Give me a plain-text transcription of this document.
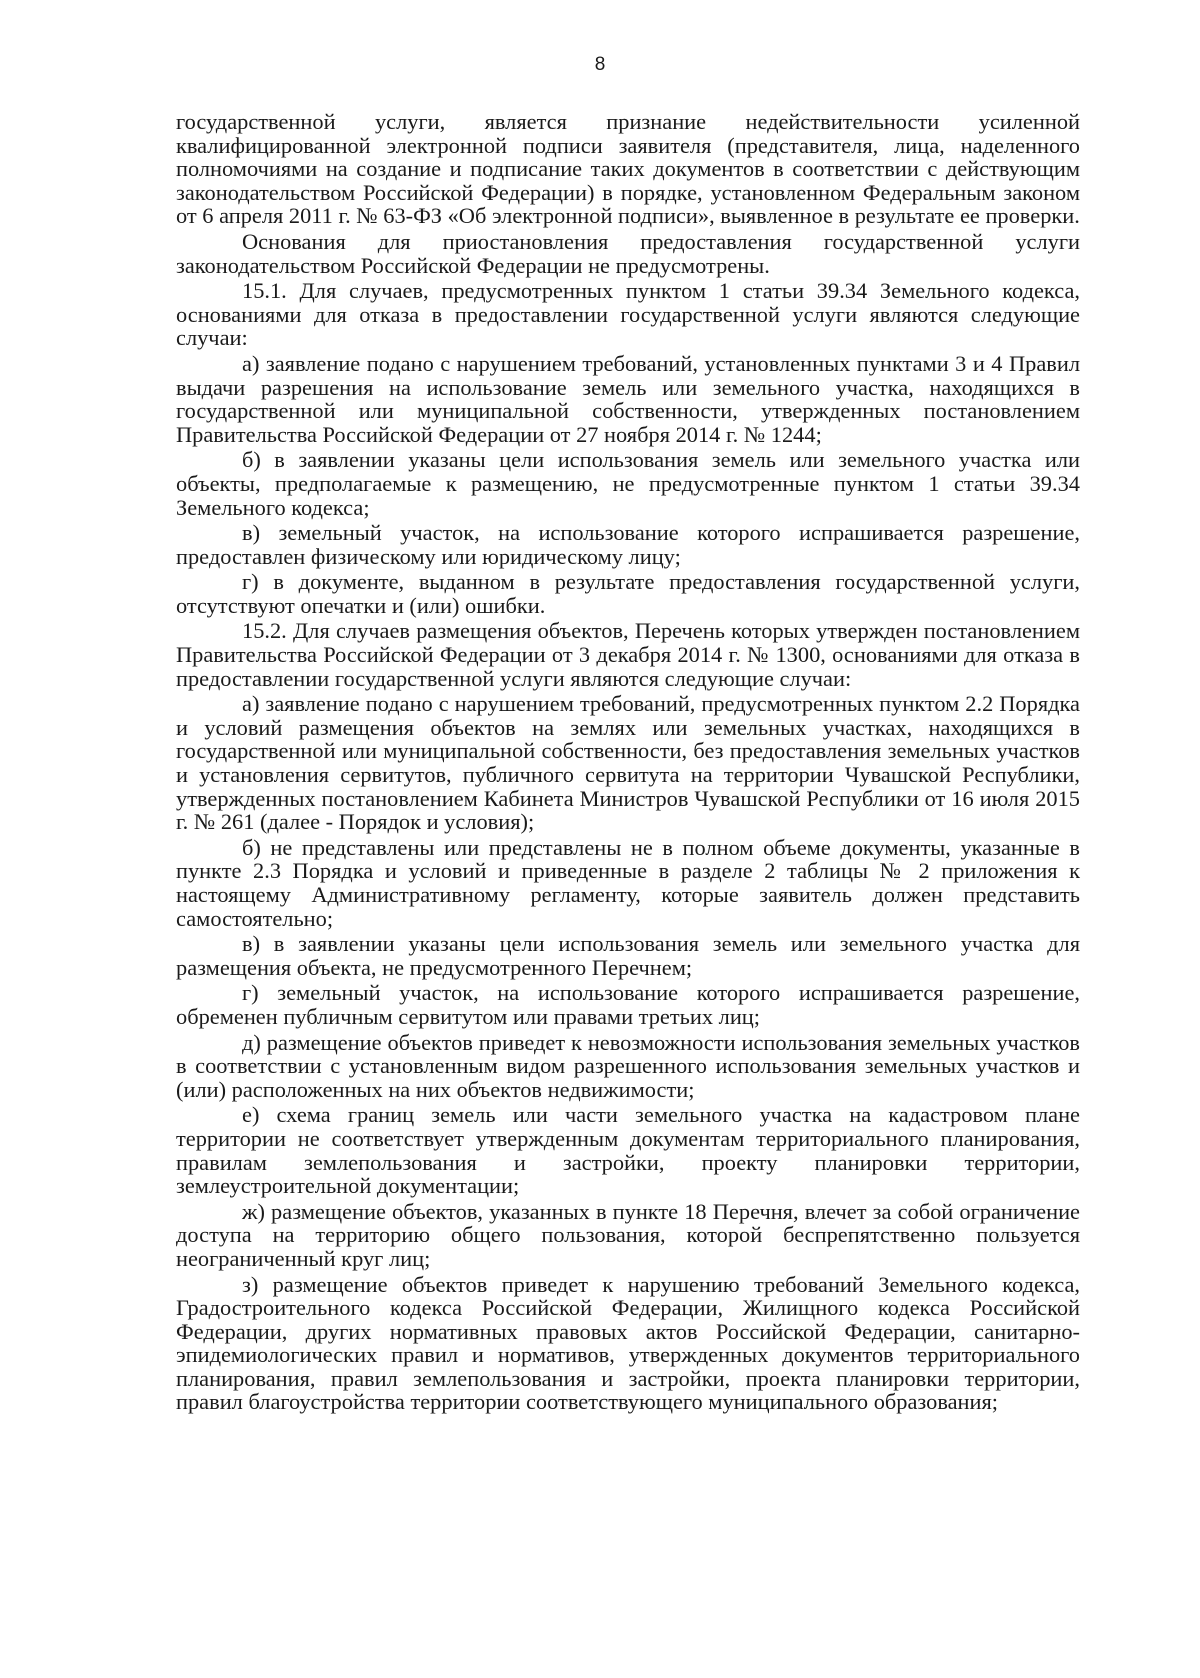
8

государственной услуги, является признание недействительности усиленной квалифицированной электронной подписи заявителя (представителя, лица, наделенного полномочиями на создание и подписание таких документов в соответствии с действующим законодательством Российской Федерации) в порядке, установленном Федеральным законом от 6 апреля 2011 г. № 63-ФЗ «Об электронной подписи», выявленное в результате ее проверки.

Основания для приостановления предоставления государственной услуги законодательством Российской Федерации не предусмотрены.

15.1. Для случаев, предусмотренных пунктом 1 статьи 39.34 Земельного кодекса, основаниями для отказа в предоставлении государственной услуги являются следующие случаи:

а) заявление подано с нарушением требований, установленных пунктами 3 и 4 Правил выдачи разрешения на использование земель или земельного участка, находящихся в государственной или муниципальной собственности, утвержденных постановлением Правительства Российской Федерации от 27 ноября 2014 г. № 1244;

б) в заявлении указаны цели использования земель или земельного участка или объекты, предполагаемые к размещению, не предусмотренные пунктом 1 статьи 39.34 Земельного кодекса;

в) земельный участок, на использование которого испрашивается разрешение, предоставлен физическому или юридическому лицу;

г) в документе, выданном в результате предоставления государственной услуги, отсутствуют опечатки и (или) ошибки.

15.2. Для случаев размещения объектов, Перечень которых утвержден постановлением Правительства Российской Федерации от 3 декабря 2014 г. № 1300, основаниями для отказа в предоставлении государственной услуги являются следующие случаи:

а) заявление подано с нарушением требований, предусмотренных пунктом 2.2 Порядка и условий размещения объектов на землях или земельных участках, находящихся в государственной или муниципальной собственности, без предоставления земельных участков и установления сервитутов, публичного сервитута на территории Чувашской Республики, утвержденных постановлением Кабинета Министров Чувашской Республики от 16 июля 2015 г. № 261 (далее - Порядок и условия);

б) не представлены или представлены не в полном объеме документы, указанные в пункте 2.3 Порядка и условий и приведенные в разделе 2 таблицы № 2 приложения к настоящему Административному регламенту, которые заявитель должен представить самостоятельно;

в) в заявлении указаны цели использования земель или земельного участка для размещения объекта, не предусмотренного Перечнем;

г) земельный участок, на использование которого испрашивается разрешение, обременен публичным сервитутом или правами третьих лиц;

д) размещение объектов приведет к невозможности использования земельных участков в соответствии с установленным видом разрешенного использования земельных участков и (или) расположенных на них объектов недвижимости;

е) схема границ земель или части земельного участка на кадастровом плане территории не соответствует утвержденным документам территориального планирования, правилам землепользования и застройки, проекту планировки территории, землеустроительной документации;

ж) размещение объектов, указанных в пункте 18 Перечня, влечет за собой ограничение доступа на территорию общего пользования, которой беспрепятственно пользуется неограниченный круг лиц;

з) размещение объектов приведет к нарушению требований Земельного кодекса, Градостроительного кодекса Российской Федерации, Жилищного кодекса Российской Федерации, других нормативных правовых актов Российской Федерации, санитарно-эпидемиологических правил и нормативов, утвержденных документов территориального планирования, правил землепользования и застройки, проекта планировки территории, правил благоустройства территории соответствующего муниципального образования;
